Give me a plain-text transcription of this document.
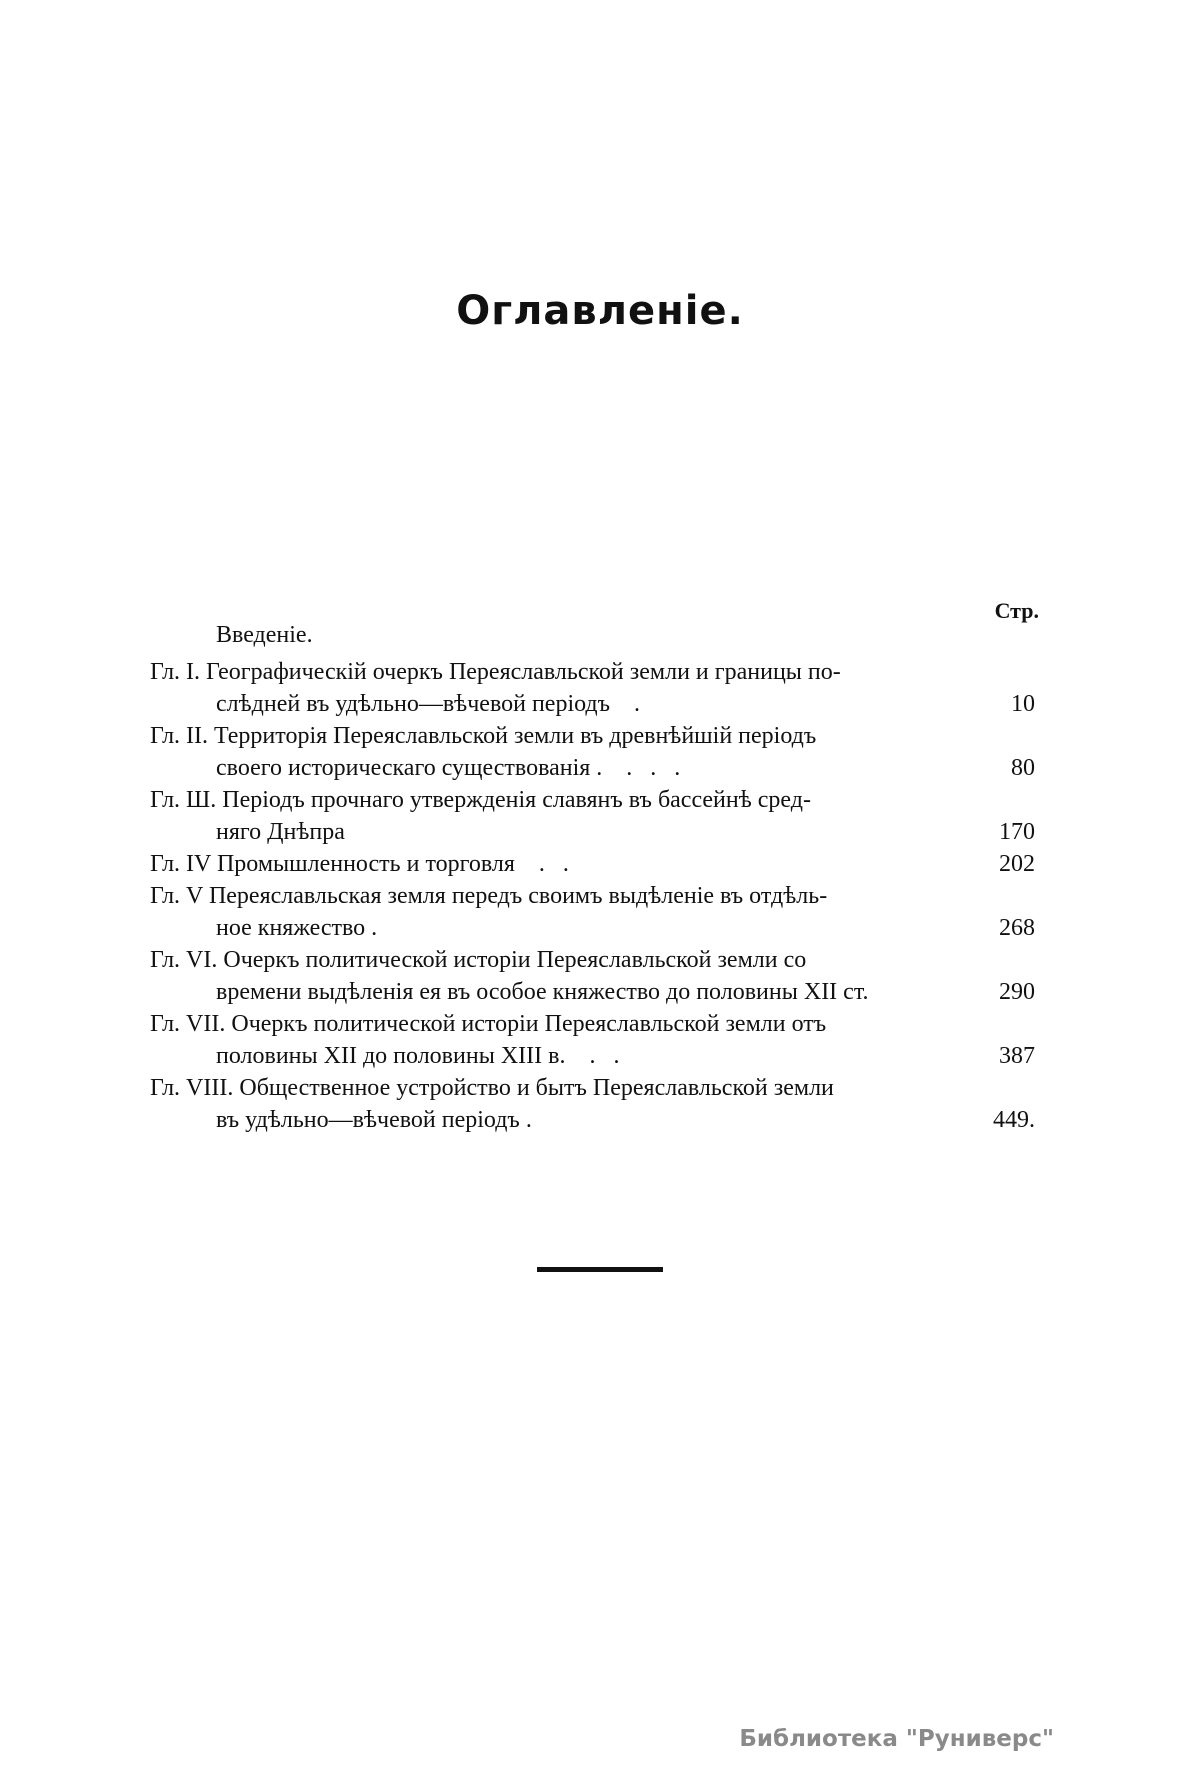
Оглавленіе.
Стр.
Введеніе.
Гл. I. Географическій очеркъ Переяславльской земли и границы по-
слѣдней въ удѣльно—вѣчевой періодъ .	10
Гл. II. Территорія Переяславльской земли въ древнѣйшій періодъ
своего историческаго существованія . . . .	80
Гл. Ш. Періодъ прочнаго утвержденія славянъ въ бассейнѣ сред-
няго Днѣпра	170
Гл. IV Промышленность и торговля . .	202
Гл. V Переяславльская земля передъ своимъ выдѣленіе въ отдѣль-
ное княжество .	268
Гл. VI. Очеркъ политической исторіи Переяславльской земли со
времени выдѣленія ея въ особое княжество до половины XII ст.	290
Гл. VII. Очеркъ политической исторіи Переяславльской земли отъ
половины XII до половины XIII в. . .	387
Гл. VIII. Общественное устройство и бытъ Переяславльской земли
въ удѣльно—вѣчевой періодъ .	449.
Библиотека "Руниверс"
